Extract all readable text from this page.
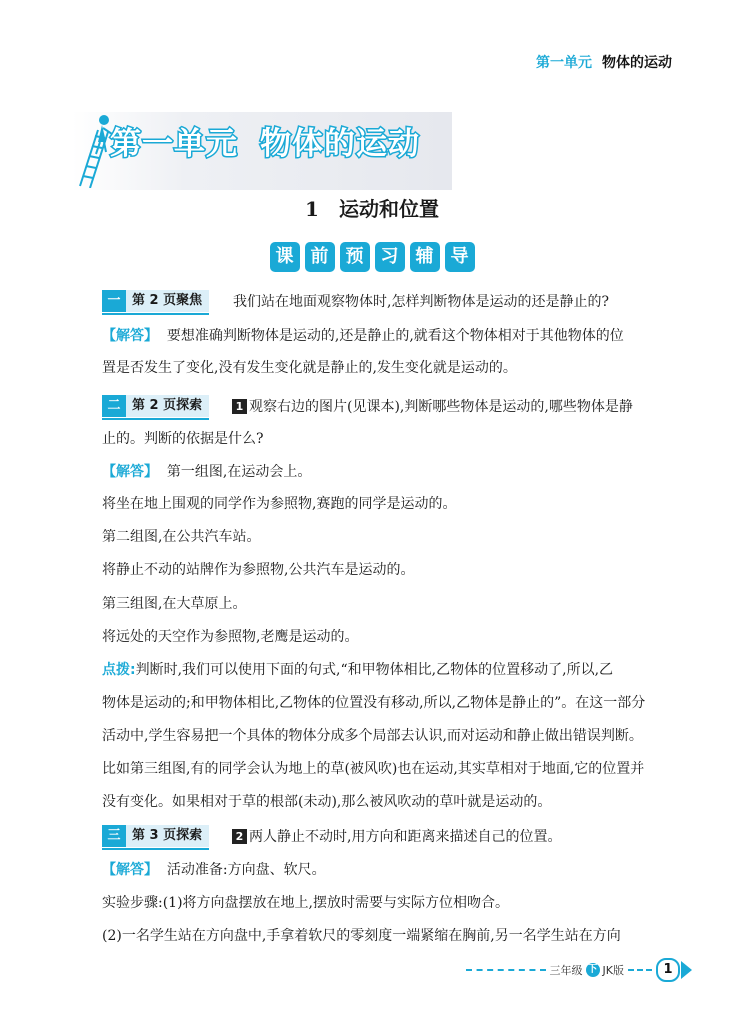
第一单元 物体的运动
第一单元 物体的运动
1 运动和位置
课 前 预 习 辅 导
一 第 2 页聚焦	我们站在地面观察物体时,怎样判断物体是运动的还是静止的?
【解答】 要想准确判断物体是运动的,还是静止的,就看这个物体相对于其他物体的位
置是否发生了变化,没有发生变化就是静止的,发生变化就是运动的。
二 第 2 页探索	1 观察右边的图片(见课本),判断哪些物体是运动的,哪些物体是静
止的。判断的依据是什么?
【解答】 第一组图,在运动会上。
将坐在地上围观的同学作为参照物,赛跑的同学是运动的。
第二组图,在公共汽车站。
将静止不动的站牌作为参照物,公共汽车是运动的。
第三组图,在大草原上。
将远处的天空作为参照物,老鹰是运动的。
点拨:判断时,我们可以使用下面的句式,“和甲物体相比,乙物体的位置移动了,所以,乙
物体是运动的;和甲物体相比,乙物体的位置没有移动,所以,乙物体是静止的”。在这一部分
活动中,学生容易把一个具体的物体分成多个局部去认识,而对运动和静止做出错误判断。
比如第三组图,有的同学会认为地上的草(被风吹)也在运动,其实草相对于地面,它的位置并
没有变化。如果相对于草的根部(未动),那么被风吹动的草叶就是运动的。
三 第 3 页探索	2 两人静止不动时,用方向和距离来描述自己的位置。
【解答】 活动准备:方向盘、软尺。
实验步骤:(1)将方向盘摆放在地上,摆放时需要与实际方位相吻合。
(2)一名学生站在方向盘中,手拿着软尺的零刻度一端紧缩在胸前,另一名学生站在方向
三年级 下 JK版	1
